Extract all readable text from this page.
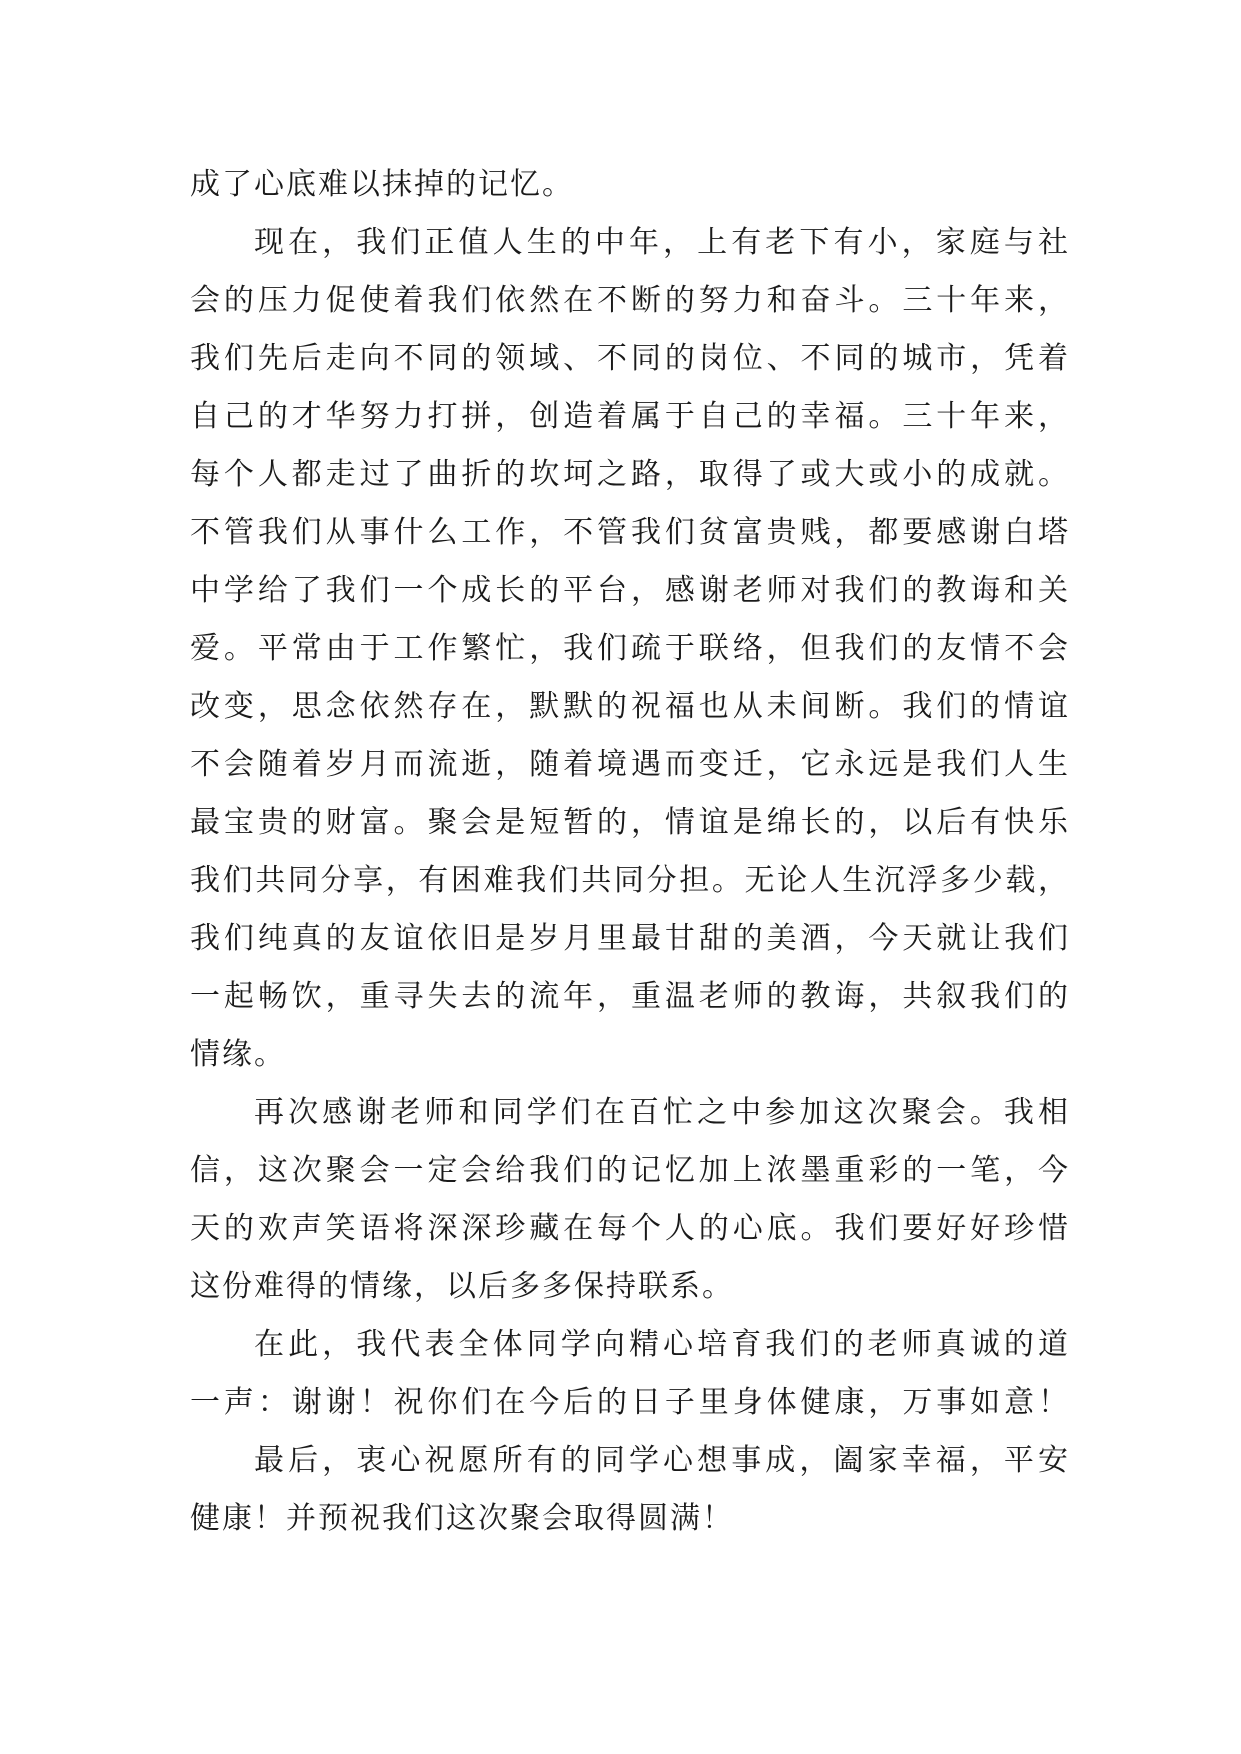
成了心底难以抹掉的记忆。
现在，我们正值人生的中年，上有老下有小，家庭与社
会的压力促使着我们依然在不断的努力和奋斗。三十年来，
我们先后走向不同的领域、不同的岗位、不同的城市，凭着
自己的才华努力打拼，创造着属于自己的幸福。三十年来，
每个人都走过了曲折的坎坷之路，取得了或大或小的成就。
不管我们从事什么工作，不管我们贫富贵贱，都要感谢白塔
中学给了我们一个成长的平台，感谢老师对我们的教诲和关
爱。平常由于工作繁忙，我们疏于联络，但我们的友情不会
改变，思念依然存在，默默的祝福也从未间断。我们的情谊
不会随着岁月而流逝，随着境遇而变迁，它永远是我们人生
最宝贵的财富。聚会是短暂的，情谊是绵长的，以后有快乐
我们共同分享，有困难我们共同分担。无论人生沉浮多少载，
我们纯真的友谊依旧是岁月里最甘甜的美酒，今天就让我们
一起畅饮，重寻失去的流年，重温老师的教诲，共叙我们的
情缘。
再次感谢老师和同学们在百忙之中参加这次聚会。我相
信，这次聚会一定会给我们的记忆加上浓墨重彩的一笔，今
天的欢声笑语将深深珍藏在每个人的心底。我们要好好珍惜
这份难得的情缘，以后多多保持联系。
在此，我代表全体同学向精心培育我们的老师真诚的道
一声：谢谢！祝你们在今后的日子里身体健康，万事如意！
最后，衷心祝愿所有的同学心想事成，阖家幸福，平安
健康！并预祝我们这次聚会取得圆满！
